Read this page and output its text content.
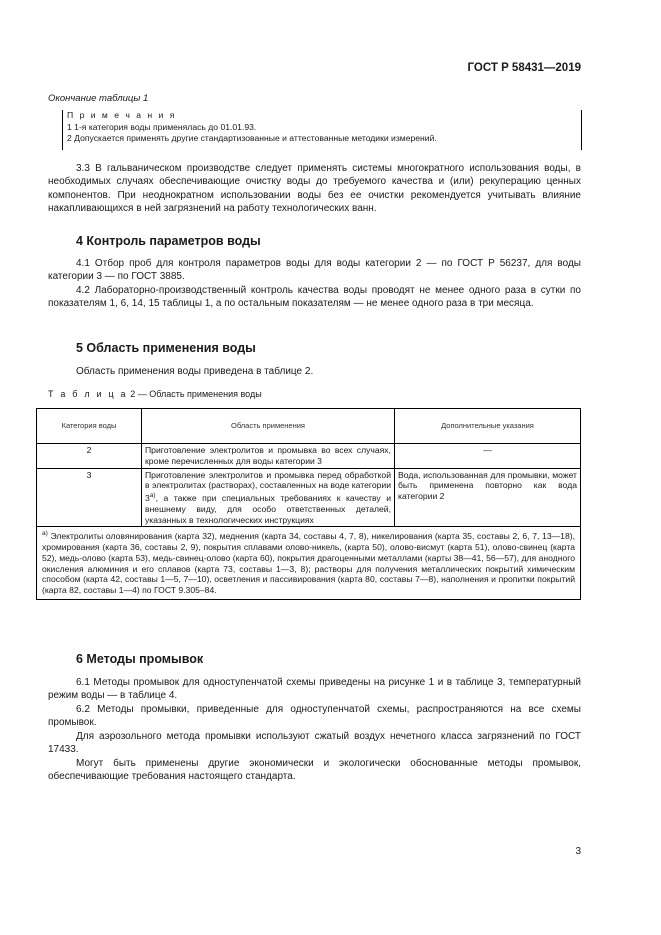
ГОСТ Р 58431—2019
Окончание таблицы 1
П р и м е ч а н и я
1 1-я категория воды применялась до 01.01.93.
2 Допускается применять другие стандартизованные и аттестованные методики измерений.
3.3 В гальваническом производстве следует применять системы многократного использования воды, в необходимых случаях обеспечивающие очистку воды до требуемого качества и (или) рекуперацию ценных компонентов. При неоднократном использовании воды без ее очистки рекомендуется учитывать влияние накапливающихся в ней загрязнений на работу технологических ванн.
4 Контроль параметров воды
4.1 Отбор проб для контроля параметров воды для воды категории 2 — по ГОСТ Р 56237, для воды категории 3 — по ГОСТ 3885.
4.2 Лабораторно-производственный контроль качества воды проводят не менее одного раза в сутки по показателям 1, 6, 14, 15 таблицы 1, а по остальным показателям — не менее одного раза в три месяца.
5 Область применения воды
Область применения воды приведена в таблице 2.
Т а б л и ц а 2 — Область применения воды
Категория воды	Область применения	Дополнительные указания
2	Приготовление электролитов и промывка во всех случаях, кроме перечисленных для воды категории 3	—
3	Приготовление электролитов и промывка перед обработкой в электролитах (растворах), составленных на воде категории $3^{а)}$, а также при специальных требованиях к качеству и внешнему виду, для особо ответственных деталей, указанных в технологических инструкциях	Вода, использованная для промывки, может быть применена повторно как вода категории 2
$^{а)}$ Электролиты оловянирования (карта 32), меднения (карта 34, составы 4, 7, 8), никелирования (карта 35, составы 2, 6, 7, 13—18), хромирования (карта 36, составы 2, 9), покрытия сплавами олово-никель, (карта 50), олово-висмут (карта 51), олово-свинец (карта 52), медь-олово (карта 53), медь-свинец-олово (карта 60), покрытия драгоценными металлами (карты 38—41, 56—57), для анодного окисления алюминия и его сплавов (карта 73, составы 1—3, 8); растворы для получения металлических покрытий химическим способом (карта 42, составы 1—5, 7—10), осветления и пассивирования (карта 80, составы 7—8), наполнения и пропитки покрытий (карта 82, составы 1—4) по ГОСТ 9.305–84.		
6 Методы промывок
6.1 Методы промывок для одноступенчатой схемы приведены на рисунке 1 и в таблице 3, температурный режим воды — в таблице 4.
6.2 Методы промывки, приведенные для одноступенчатой схемы, распространяются на все схемы промывок.
Для аэрозольного метода промывки используют сжатый воздух нечетного класса загрязнений по ГОСТ 17433.
Могут быть применены другие экономически и экологически обоснованные методы промывок, обеспечивающие требования настоящего стандарта.
3
